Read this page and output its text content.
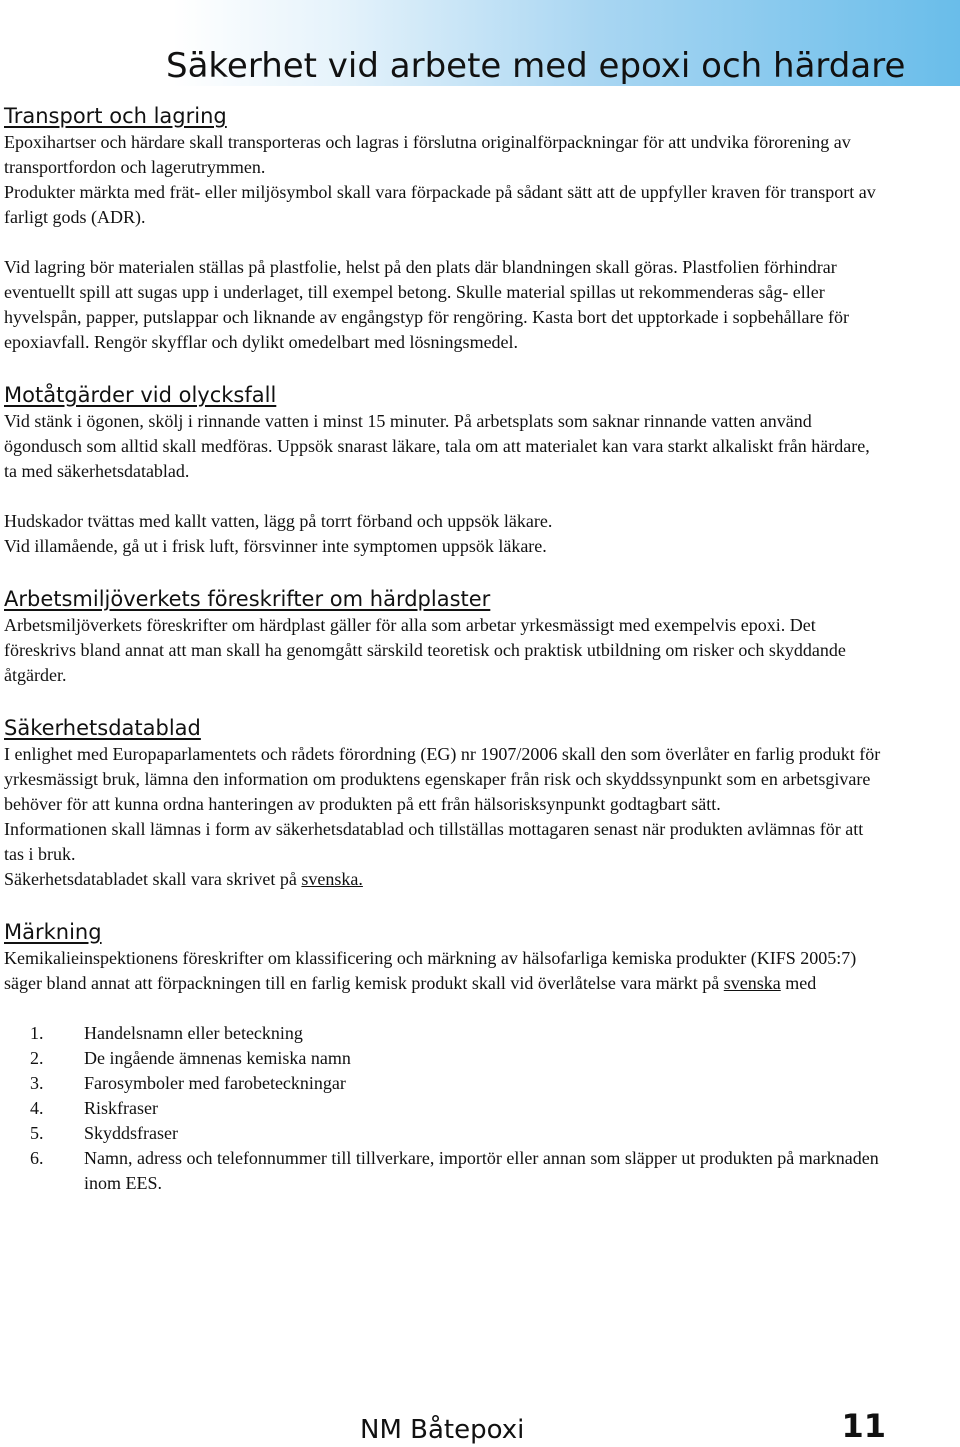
Säkerhet vid arbete med epoxi och härdare
Transport och lagring

Epoxihartser och härdare skall transporteras och lagras i förslutna originalförpackningar för att undvika förorening av transportfordon och lagerutrymmen.

Produkter märkta med frät- eller miljösymbol skall vara förpackade på sådant sätt att de uppfyller kraven för transport av farligt gods (ADR).

Vid lagring bör materialen ställas på plastfolie, helst på den plats där blandningen skall göras. Plastfolien förhindrar eventuellt spill att sugas upp i underlaget, till exempel betong. Skulle material spillas ut rekommenderas såg- eller hyvelspån, papper, putslappar och liknande av engångstyp för rengöring. Kasta bort det upptorkade i sopbehållare för epoxiavfall. Rengör skyfflar och dylikt omedelbart med lösningsmedel.

Motåtgärder vid olycksfall

Vid stänk i ögonen, skölj i rinnande vatten i minst 15 minuter. På arbetsplats som saknar rinnande vatten använd ögondusch som alltid skall medföras. Uppsök snarast läkare, tala om att materialet kan vara starkt alkaliskt från härdare, ta med säkerhetsdatablad.

Hudskador tvättas med kallt vatten, lägg på torrt förband och uppsök läkare.

Vid illamående, gå ut i frisk luft, försvinner inte symptomen uppsök läkare.

Arbetsmiljöverkets föreskrifter om härdplaster

Arbetsmiljöverkets föreskrifter om härdplast gäller för alla som arbetar yrkesmässigt med exempelvis epoxi. Det föreskrivs bland annat att man skall ha genomgått särskild teoretisk och praktisk utbildning om risker och skyddande åtgärder.

Säkerhetsdatablad

I enlighet med Europaparlamentets och rådets förordning (EG) nr 1907/2006 skall den som överlåter en farlig produkt för yrkesmässigt bruk, lämna den information om produktens egenskaper från risk och skyddssynpunkt som en arbetsgivare behöver för att kunna ordna hanteringen av produkten på ett från hälsorisksynpunkt godtagbart sätt.

Informationen skall lämnas i form av säkerhetsdatablad och tillställas mottagaren senast när produkten avlämnas för att tas i bruk.

Säkerhetsdatabladet skall vara skrivet på svenska.

Märkning

Kemikalieinspektionens föreskrifter om klassificering och märkning av hälsofarliga kemiska produkter (KIFS 2005:7) säger bland annat att förpackningen till en farlig kemisk produkt skall vid överlåtelse vara märkt på svenska med

1.	Handelsnamn eller beteckning
2.	De ingående ämnenas kemiska namn
3.	Farosymboler med farobeteckningar
4.	Riskfraser
5.	Skyddsfraser
6.	Namn, adress och telefonnummer till tillverkare, importör eller annan som släpper ut produkten på marknaden inom EES.
NM Båtepoxi	11
